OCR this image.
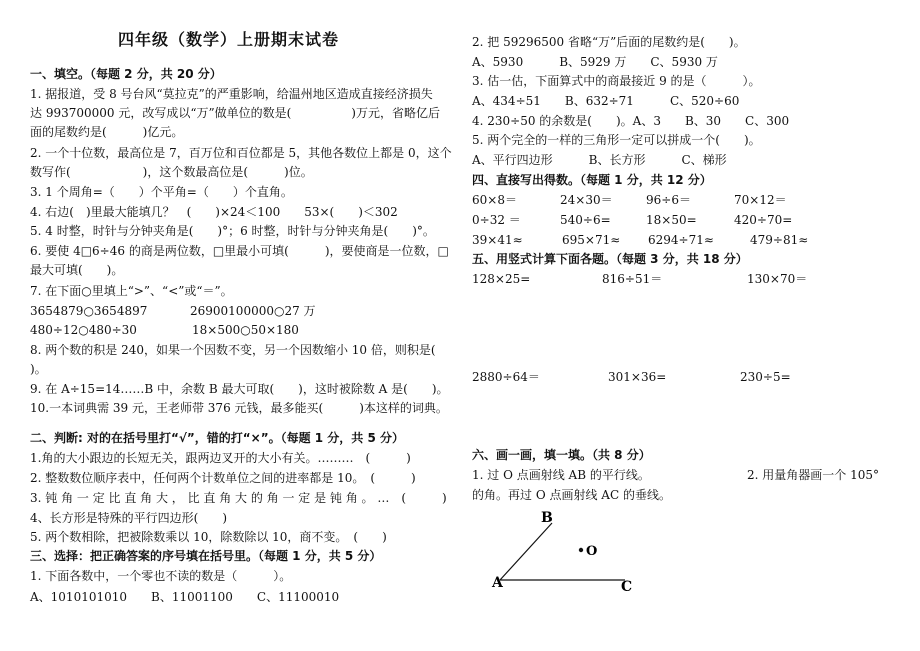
四年级（数学）上册期末试卷
一、填空。（每题 2 分，共 20 分）
1. 据报道，受 8 号台风“莫拉克”的严重影响，给温州地区造成直接经济损失
达 993700000 元，改写成以“万”做单位的数是(　　　　　)万元，省略亿后
面的尾数约是(　　　)亿元。
2. 一个十位数，最高位是 7，百万位和百位都是 5，其他各数位上都是 0，这个
数写作(　　　　　　)，这个数最高位是(　　　)位。
3. 1 个周角=（　　）个平角=（　　）个直角。
4. 右边(　)里最大能填几？　(　　)×24＜100　　53×(　　)＜302
5. 4 时整，时针与分钟夹角是(　　)°；6 时整，时针与分钟夹角是(　　)°。
6. 要使 4□6÷46 的商是两位数，□里最小可填(　　　)，要使商是一位数，□
最大可填(　　)。
7. 在下面○里填上“>”、“<”或“＝”。
3654879○3654897	26900100000○27 万
480÷12○480÷30	18×500○50×180
8. 两个数的积是 240，如果一个因数不变，另一个因数缩小 10 倍，则积是(
)。
9. 在 A÷15=14……B 中，余数 B 最大可取(　　)，这时被除数 A 是(　　)。
10.一本词典需 39 元，王老师带 376 元钱，最多能买(　　　)本这样的词典。
二、判断: 对的在括号里打“√”，错的打“×”。（每题 1 分，共 5 分）
1.角的大小跟边的长短无关，跟两边叉开的大小有关。………　(　　　)
2. 整数数位顺序表中，任何两个计数单位之间的进率都是 10。　(　　　)
3. 钝 角 一 定 比 直 角 大 ， 比 直 角 大 的 角 一 定 是 钝 角 。 …　(　　　)
4、长方形是特殊的平行四边形(　　)
5. 两个数相除，把被除数乘以 10，除数除以 10，商不变。　(　　)
三、选择：把正确答案的序号填在括号里。（每题 1 分，共 5 分）
1. 下面各数中，一个零也不读的数是（　　　）。
A、1010101010　　B、11001100　　C、11100010
2. 把 59296500 省略“万”后面的尾数约是(　　)。
A、5930　　　B、5929 万　　C、5930 万
3. 估一估，下面算式中的商最接近 9 的是（　　　）。
A、434÷51　　B、632÷71　　　C、520÷60
4. 230÷50 的余数是(　　)。A、3　　B、30　　C、300
5. 两个完全的一样的三角形一定可以拼成一个(　　)。
A、平行四边形　　　B、长方形　　　C、梯形
四、直接写出得数。（每题 1 分，共 12 分）
60×8＝	24×30＝	96÷6＝	70×12＝
0÷32 ＝	540÷6=	18×50=	420÷70=
39×41≈	695×71≈ 6294÷71≈	479÷81≈
五、用竖式计算下面各题。（每题 3 分，共 18 分）
128×25=	816÷51＝	130×70＝
2880÷64＝	301×36=	230÷5=
六、画一画，填一填。（共 8 分）
1. 过 O 点画射线 AB 的平行线。	2. 用量角器画一个 105°
的角。再过 O 点画射线 AC 的垂线。
A
B
C
O
